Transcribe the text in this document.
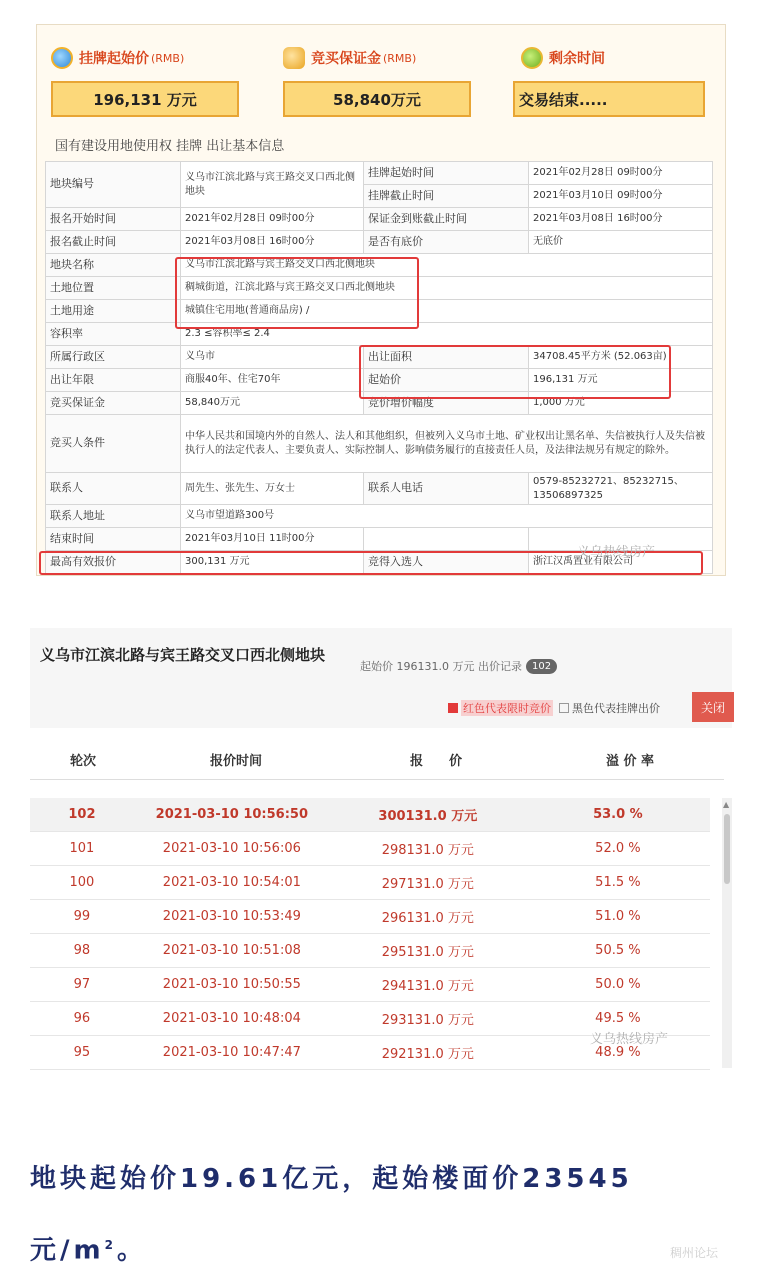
挂牌起始价 (RMB)
196,131 万元
竞买保证金 (RMB)
58,840万元
剩余时间
交易结束.....
国有建设用地使用权 挂牌 出让基本信息
地块编号	义乌市江滨北路与宾王路交叉口西北侧地块	挂牌起始时间	2021年02月28日 09时00分
		挂牌截止时间	2021年03月10日 09时00分
报名开始时间	2021年02月28日 09时00分	保证金到账截止时间	2021年03月08日 16时00分
报名截止时间	2021年03月08日 16时00分	是否有底价	无底价
地块名称	义乌市江滨北路与宾王路交叉口西北侧地块		
土地位置	稠城街道，江滨北路与宾王路交叉口西北侧地块		
土地用途	城镇住宅用地(普通商品房) /		
容积率	2.3 ≤容积率≤ 2.4		
所属行政区	义乌市	出让面积	34708.45平方米 (52.063亩)
出让年限	商服40年、住宅70年	起始价	196,131 万元
竞买保证金	58,840万元	竞价增价幅度	1,000 万元
竞买人条件	中华人民共和国境内外的自然人、法人和其他组织，但被列入义乌市土地、矿业权出让黑名单、失信被执行人及失信被执行人的法定代表人、主要负责人、实际控制人、影响债务履行的直接责任人员，及法律法规另有规定的除外。		
联系人	周先生、张先生、万女士	联系人电话	0579-85232721、85232715、13506897325
联系人地址	义乌市望道路300号		
结束时间	2021年03月10日 11时00分		
最高有效报价	300,131 万元	竞得入选人	浙江汉禹置业有限公司
义乌热线房产
义乌市江滨北路与宾王路交叉口西北侧地块
起始价 196131.0 万元 出价记录	102
红色代表限时竞价 黑色代表挂牌出价	关闭
轮次	报价时间	报　　价	溢 价 率
102	2021-03-10 10:56:50	300131.0 万元	53.0 %
101	2021-03-10 10:56:06	298131.0 万元	52.0 %
100	2021-03-10 10:54:01	297131.0 万元	51.5 %
99	2021-03-10 10:53:49	296131.0 万元	51.0 %
98	2021-03-10 10:51:08	295131.0 万元	50.5 %
97	2021-03-10 10:50:55	294131.0 万元	50.0 %
96	2021-03-10 10:48:04	293131.0 万元	49.5 %
95	2021-03-10 10:47:47	292131.0 万元	48.9 %
▲
义乌热线房产
地块起始价19.61亿元，起始楼面价23545元$/m^2$。	稠州论坛
